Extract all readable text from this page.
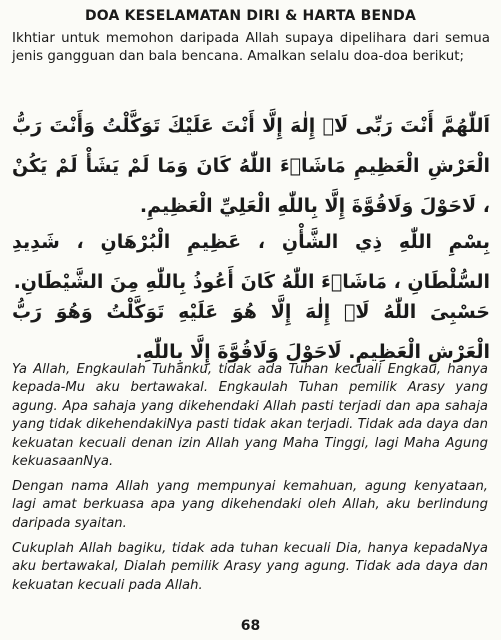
DOA KESELAMATAN DIRI & HARTA BENDA
Ikhtiar untuk memohon daripada Allah supaya dipelihara dari semua jenis gangguan dan bala bencana. Amalkan selalu doa-doa berikut;
اَللّٰهُمَّ أَنْتَ رَبِّى لَاۤ إِلٰهَ إِلَّا أَنْتَ عَلَيْكَ تَوَكَّلْتُ وَأَنْتَ رَبُّ الْعَرْشِ الْعَظِيمِ مَاشَاۤءَ اللّٰهُ كَانَ وَمَا لَمْ يَشَأْ لَمْ يَكُنْ ، لَاحَوْلَ وَلَاقُوَّةَ إِلَّا بِاللّٰهِ الْعَلِيِّ الْعَظِيمِ.
بِسْمِ اللّٰهِ ذِي الشَّأْنِ ، عَظِيمِ الْبُرْهَانِ ، شَدِيدِ السُّلْطَانِ ، مَاشَاۤءَ اللّٰهُ كَانَ أَعُوذُ بِاللّٰهِ مِنَ الشَّيْطَانِ.
حَسْبِىَ اللّٰهُ لَاۤ إِلٰهَ إِلَّا هُوَ عَلَيْهِ تَوَكَّلْتُ وَهُوَ رَبُّ الْعَرْشِ الْعَظِيمِ. لَاحَوْلَ وَلَاقُوَّةَ إِلَّا بِاللّٰهِ.
Ya Allah, Engkaulah Tuhanku, tidak ada Tuhan kecuali Engkau, hanya kepada-Mu aku bertawakal. Engkaulah Tuhan pemilik Arasy yang agung. Apa sahaja yang dikehendaki Allah pasti terjadi dan apa sahaja yang tidak dikehendakiNya pasti tidak akan terjadi. Tidak ada daya dan kekuatan kecuali denan izin Allah yang Maha Tinggi, lagi Maha Agung kekuasaanNya.
Dengan nama Allah yang mempunyai kemahuan, agung kenyataan, lagi amat berkuasa apa yang dikehendaki oleh Allah, aku berlindung daripada syaitan.
Cukuplah Allah bagiku, tidak ada tuhan kecuali Dia, hanya kepadaNya aku bertawakal, Dialah pemilik Arasy yang agung. Tidak ada daya dan kekuatan kecuali pada Allah.
68
